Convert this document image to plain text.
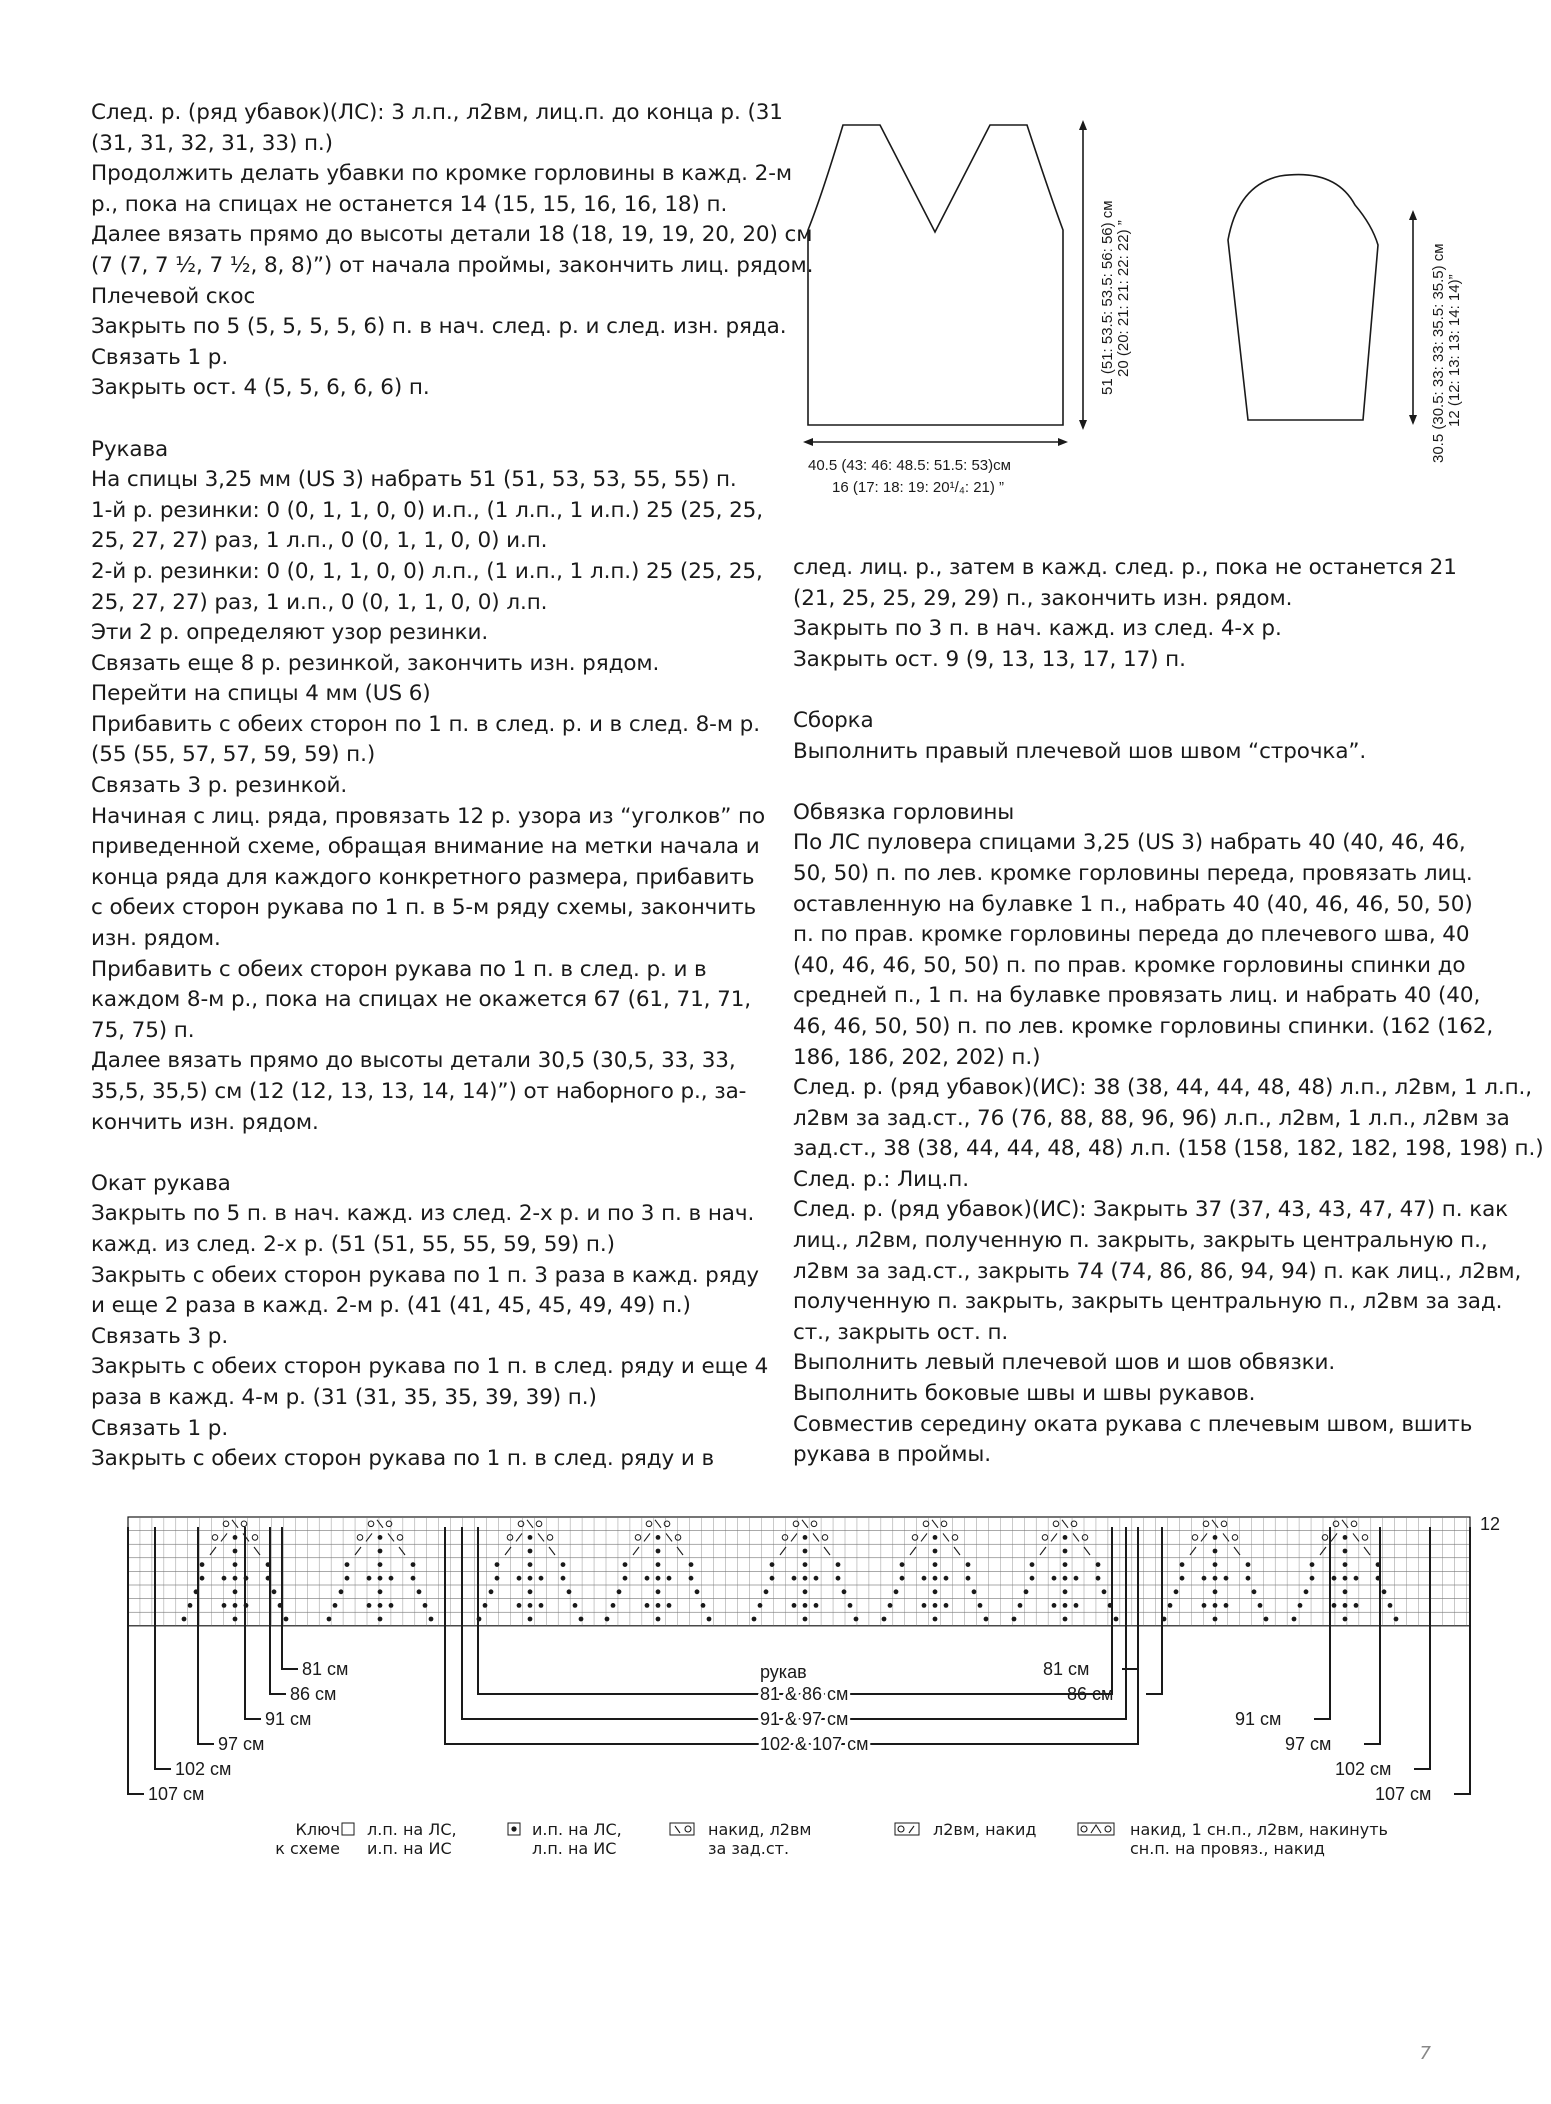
След. р. (ряд убавок)(ЛС): 3 л.п., л2вм, лиц.п. до конца р. (31

(31, 31, 32, 31, 33) п.)

Продолжить делать убавки по кромке горловины в кажд. 2-м

р., пока на спицах не останется 14 (15, 15, 16, 16, 18) п.

Далее вязать прямо до высоты детали 18 (18, 19, 19, 20, 20) см

(7 (7, 7 ½, 7 ½, 8, 8)”) от начала проймы, закончить лиц. рядом.

Плечевой скос

Закрыть по 5 (5, 5, 5, 5, 6) п. в нач. след. р. и след. изн. ряда.

Связать 1 р.

Закрыть ост. 4 (5, 5, 6, 6, 6) п.

Рукава

На спицы 3,25 мм (US 3) набрать 51 (51, 53, 53, 55, 55) п.

1-й р. резинки: 0 (0, 1, 1, 0, 0) и.п., (1 л.п., 1 и.п.) 25 (25, 25,

25, 27, 27) раз, 1 л.п., 0 (0, 1, 1, 0, 0) и.п.

2-й р. резинки: 0 (0, 1, 1, 0, 0) л.п., (1 и.п., 1 л.п.) 25 (25, 25,

25, 27, 27) раз, 1 и.п., 0 (0, 1, 1, 0, 0) л.п.

Эти 2 р. определяют узор резинки.

Связать еще 8 р. резинкой, закончить изн. рядом.

Перейти на спицы 4 мм (US 6)

Прибавить с обеих сторон по 1 п. в след. р. и в след. 8-м р.

(55 (55, 57, 57, 59, 59) п.)

Связать 3 р. резинкой.

Начиная с лиц. ряда, провязать 12 р. узора из “уголков” по

приведенной схеме, обращая внимание на метки начала и

конца ряда для каждого конкретного размера, прибавить

с обеих сторон рукава по 1 п. в 5-м ряду схемы, закончить

изн. рядом.

Прибавить с обеих сторон рукава по 1 п. в след. р. и в

каждом 8-м р., пока на спицах не окажется 67 (61, 71, 71,

75, 75) п.

Далее вязать прямо до высоты детали 30,5 (30,5, 33, 33,

35,5, 35,5) см (12 (12, 13, 13, 14, 14)”) от наборного р., за-

кончить изн. рядом.

Окат рукава

Закрыть по 5 п. в нач. кажд. из след. 2-х р. и по 3 п. в нач.

кажд. из след. 2-х р. (51 (51, 55, 55, 59, 59) п.)

Закрыть с обеих сторон рукава по 1 п. 3 раза в кажд. ряду

и еще 2 раза в кажд. 2-м р. (41 (41, 45, 45, 49, 49) п.)

Связать 3 р.

Закрыть с обеих сторон рукава по 1 п. в след. ряду и еще 4

раза в кажд. 4-м р. (31 (31, 35, 35, 39, 39) п.)

Связать 1 р.

Закрыть с обеих сторон рукава по 1 п. в след. ряду и в

след. лиц. р., затем в кажд. след. р., пока не останется 21

(21, 25, 25, 29, 29) п., закончить изн. рядом.

Закрыть по 3 п. в нач. кажд. из след. 4-х р.

Закрыть ост. 9 (9, 13, 13, 17, 17) п.

Сборка

Выполнить правый плечевой шов швом “строчка”.

Обвязка горловины

По ЛС пуловера спицами 3,25 (US 3) набрать 40 (40, 46, 46,

50, 50) п. по лев. кромке горловины переда, провязать лиц.

оставленную на булавке 1 п., набрать 40 (40, 46, 46, 50, 50)

п. по прав. кромке горловины переда до плечевого шва, 40

(40, 46, 46, 50, 50) п. по прав. кромке горловины спинки до

средней п., 1 п. на булавке провязать лиц. и набрать 40 (40,

46, 46, 50, 50) п. по лев. кромке горловины спинки. (162 (162,

186, 186, 202, 202) п.)

След. р. (ряд убавок)(ИС): 38 (38, 44, 44, 48, 48) л.п., л2вм, 1 л.п.,

л2вм за зад.ст., 76 (76, 88, 88, 96, 96) л.п., л2вм, 1 л.п., л2вм за

зад.ст., 38 (38, 44, 44, 48, 48) л.п. (158 (158, 182, 182, 198, 198) п.)

След. р.: Лиц.п.

След. р. (ряд убавок)(ИС): Закрыть 37 (37, 43, 43, 47, 47) п. как

лиц., л2вм, полученную п. закрыть, закрыть центральную п.,

л2вм за зад.ст., закрыть 74 (74, 86, 86, 94, 94) п. как лиц., л2вм,

полученную п. закрыть, закрыть центральную п., л2вм за зад.

ст., закрыть ост. п.

Выполнить левый плечевой шов и шов обвязки.

Выполнить боковые швы и швы рукавов.

Совместив середину оката рукава с плечевым швом, вшить

рукава в проймы.

51 (51: 53.5: 53.5: 56: 56) см 20 (20: 21: 21: 22: 22) ”	30.5 (30.5: 33: 33: 35.5: 35.5) см 12 (12: 13: 13: 14: 14)”
40.5 (43: 46: 48.5: 51.5: 53)см
16 (17: 18: 19: 20¹/₄: 21) ”
12
рукав
81 см
86 см
91 см
97 см
102 см
107 см
81 см
86 см
91 см
97 см
102 см
107 см
81 & 86 см
91 & 97 см
102 & 107 см
Ключ
к схеме
л.п. на ЛС,
и.п. на ИС
и.п. на ЛС,
л.п. на ИС
накид, л2вм
за зад.ст.
л2вм, накид	накид, 1 сн.п., л2вм, накинуть
сн.п. на провяз., накид
7
